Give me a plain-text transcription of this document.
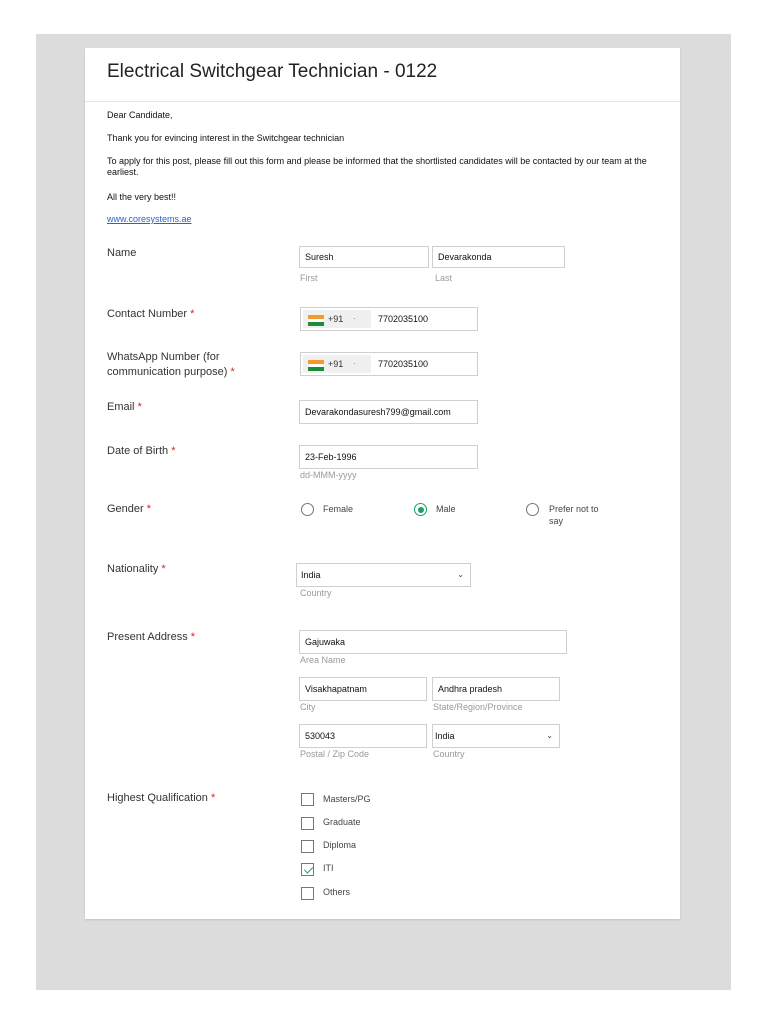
Electrical Switchgear Technician - 0122
Dear Candidate,
Thank you for evincing interest in the Switchgear technician
To apply for this post, please fill out this form and please be informed that the shortlisted candidates will be contacted by our team at the earliest.
All the very best!!
www.coresystems.ae
Name	Suresh
First
Devarakonda
Last
Contact Number *	+91 · 7702035100
WhatsApp Number (for
communication purpose) *
+91 · 7702035100
Email *	Devarakondasuresh799@gmail.com
Date of Birth *	23-Feb-1996
dd-MMM-yyyy
Gender *	Female	Male	Prefer not to
say
Nationality *	India	⌄
Country
Present Address *	Gajuwaka
Area Name
Visakhapatnam
City
Andhra pradesh
State/Region/Province
530043
Postal / Zip Code
India	⌄
Country
Highest Qualification *	Masters/PG
Graduate
Diploma
ITI
Others
